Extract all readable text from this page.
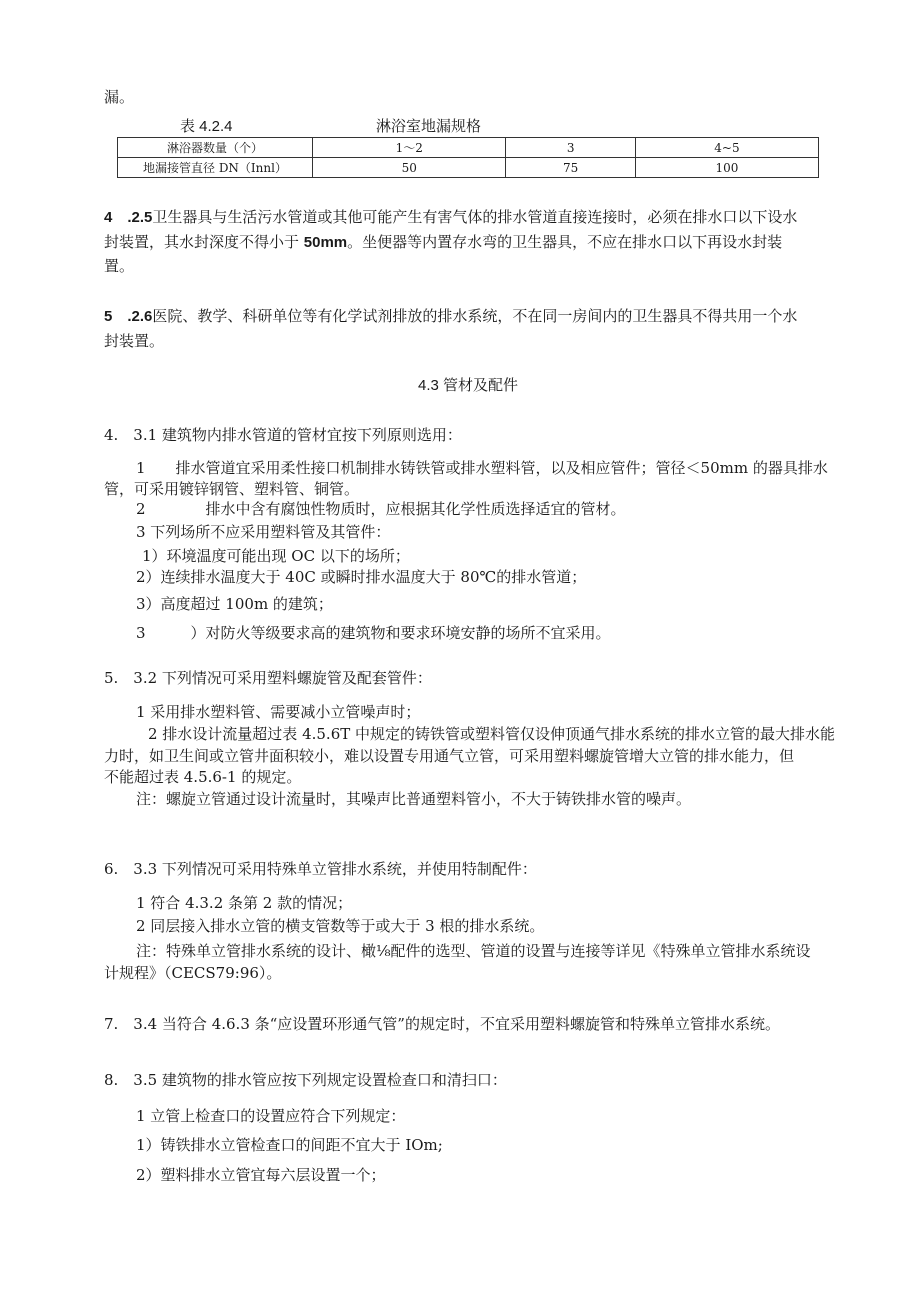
漏。
表 4.2.4	淋浴室地漏规格
淋浴器数量（个）	1～2	3	4~5
地漏接管直径 DN（Innl）	50	75	100
4　.2.5卫生器具与生活污水管道或其他可能产生有害气体的排水管道直接连接时，必须在排水口以下设水
封装置，其水封深度不得小于 50mm。坐便器等内置存水弯的卫生器具，不应在排水口以下再设水封装
置。
5　.2.6医院、教学、科研单位等有化学试剂排放的排水系统，不在同一房间内的卫生器具不得共用一个水
封装置。
4.3 管材及配件
4.　3.1 建筑物内排水管道的管材宜按下列原则选用：
1　　排水管道宜采用柔性接口机制排水铸铁管或排水塑料管，以及相应管件；管径＜50mm 的器具排水
管，可采用镀锌钢管、塑料管、铜管。
2　　　　排水中含有腐蚀性物质时，应根据其化学性质选择适宜的管材。
3 下列场所不应采用塑料管及其管件：
1）环境温度可能出现 OC 以下的场所；
2）连续排水温度大于 40C 或瞬时排水温度大于 80℃的排水管道；
3）高度超过 100m 的建筑；
3　　　）对防火等级要求高的建筑物和要求环境安静的场所不宜采用。
5.　3.2 下列情况可采用塑料螺旋管及配套管件：
1 采用排水塑料管、需要减小立管噪声时；
2 排水设计流量超过表 4.5.6T 中规定的铸铁管或塑料管仅设伸顶通气排水系统的排水立管的最大排水能
力时，如卫生间或立管井面积较小，难以设置专用通气立管，可采用塑料螺旋管增大立管的排水能力，但
不能超过表 4.5.6-1 的规定。
注：螺旋立管通过设计流量时，其噪声比普通塑料管小，不大于铸铁排水管的噪声。
6.　3.3 下列情况可采用特殊单立管排水系统，并使用特制配件：
1 符合 4.3.2 条第 2 款的情况；
2 同层接入排水立管的横支管数等于或大于 3 根的排水系统。
注：特殊单立管排水系统的设计、橄⅛配件的选型、管道的设置与连接等详见《特殊单立管排水系统设
计规程》（CECS79:96）。
7.　3.4 当符合 4.6.3 条“应设置环形通气管”的规定时，不宜采用塑料螺旋管和特殊单立管排水系统。
8.　3.5 建筑物的排水管应按下列规定设置检查口和清扫口：
1 立管上检查口的设置应符合下列规定：
1）铸铁排水立管检查口的间距不宜大于 IOm;
2）塑料排水立管宜每六层设置一个；
